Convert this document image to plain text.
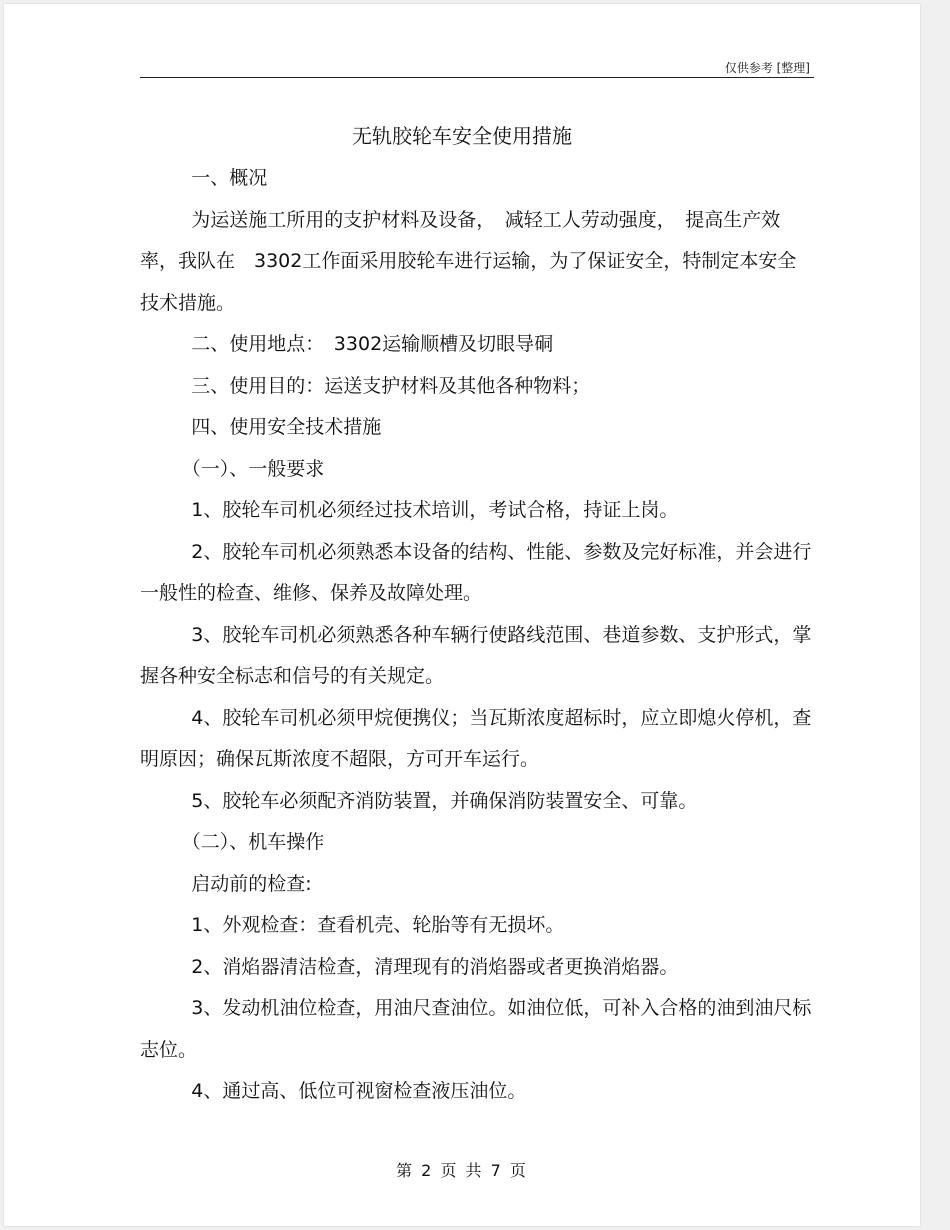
仅供参考 [整理]
无轨胶轮车安全使用措施

一、概况

为运送施工所用的支护材料及设备，　减轻工人劳动强度，　提高生产效率，我队在　3302工作面采用胶轮车进行运输，为了保证安全，特制定本安全技术措施。

二、使用地点：　3302运输顺槽及切眼导硐

三、使用目的：运送支护材料及其他各种物料；

四、使用安全技术措施

（一）、一般要求

1、胶轮车司机必须经过技术培训，考试合格，持证上岗。

2、胶轮车司机必须熟悉本设备的结构、性能、参数及完好标准，并会进行一般性的检查、维修、保养及故障处理。

3、胶轮车司机必须熟悉各种车辆行使路线范围、巷道参数、支护形式，掌握各种安全标志和信号的有关规定。

4、胶轮车司机必须甲烷便携仪；当瓦斯浓度超标时，应立即熄火停机，查明原因；确保瓦斯浓度不超限，方可开车运行。

5、胶轮车必须配齐消防装置，并确保消防装置安全、可靠。

（二）、机车操作

启动前的检查:

1、外观检查：查看机壳、轮胎等有无损坏。

2、消焰器清洁检查，清理现有的消焰器或者更换消焰器。

3、发动机油位检查，用油尺查油位。如油位低，可补入合格的油到油尺标志位。

4、通过高、低位可视窗检查液压油位。

第 2 页 共 7 页
